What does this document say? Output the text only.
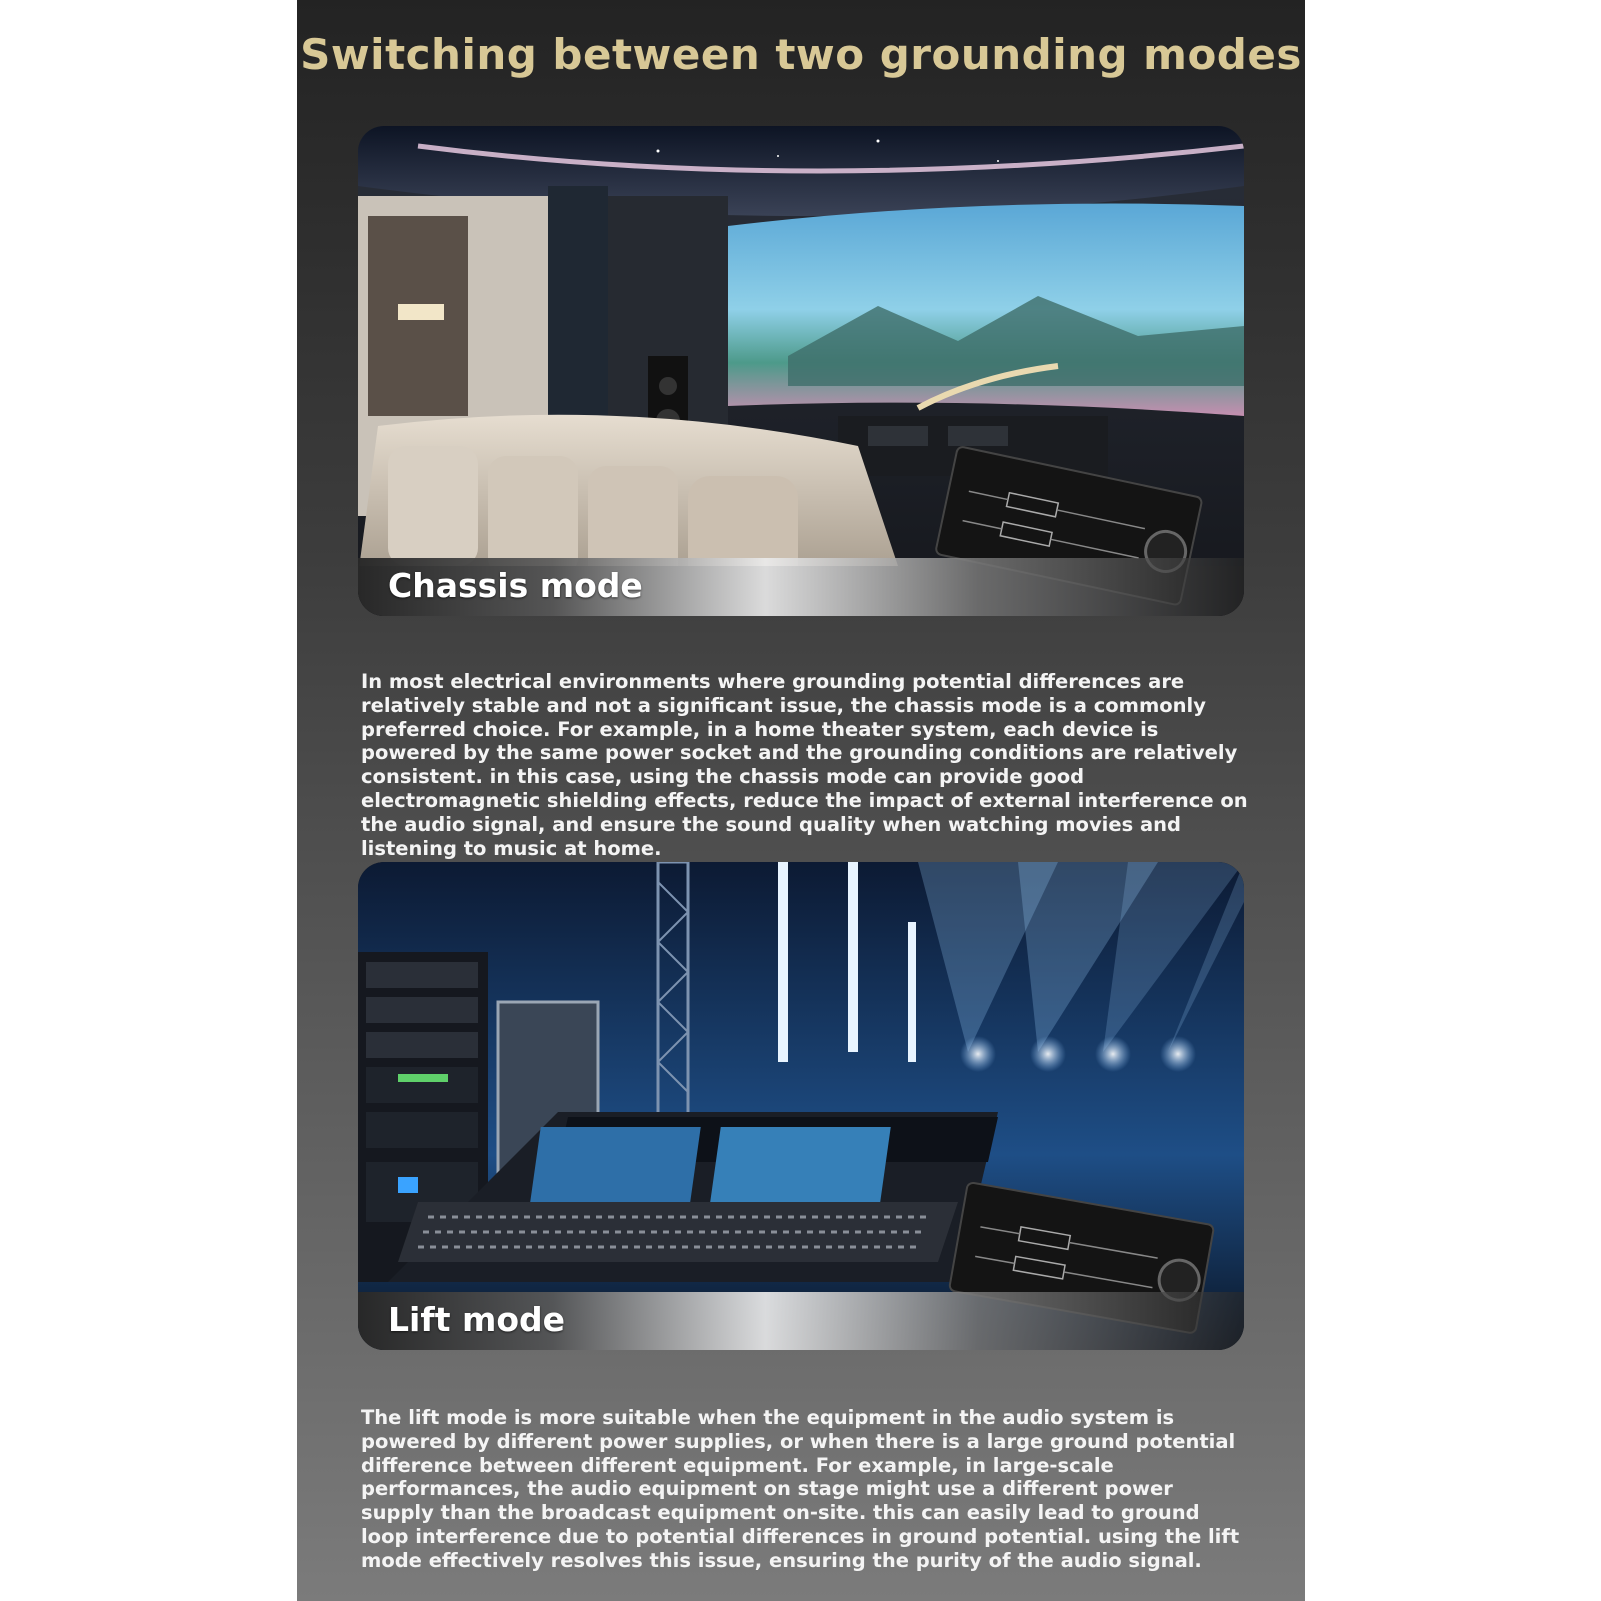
Switching between two grounding modes
Chassis mode

In most electrical environments where grounding potential differences are relatively stable and not a significant issue, the chassis mode is a commonly preferred choice. For example, in a home theater system, each device is powered by the same power socket and the grounding conditions are relatively consistent. in this case, using the chassis mode can provide good electromagnetic shielding effects, reduce the impact of external interference on the audio signal, and ensure the sound quality when watching movies and listening to music at home.

Lift mode

The lift mode is more suitable when the equipment in the audio system is powered by different power supplies, or when there is a large ground potential difference between different equipment. For example, in large-scale performances, the audio equipment on stage might use a different power supply than the broadcast equipment on-site. this can easily lead to ground loop interference due to potential differences in ground potential. using the lift mode effectively resolves this issue, ensuring the purity of the audio signal.
